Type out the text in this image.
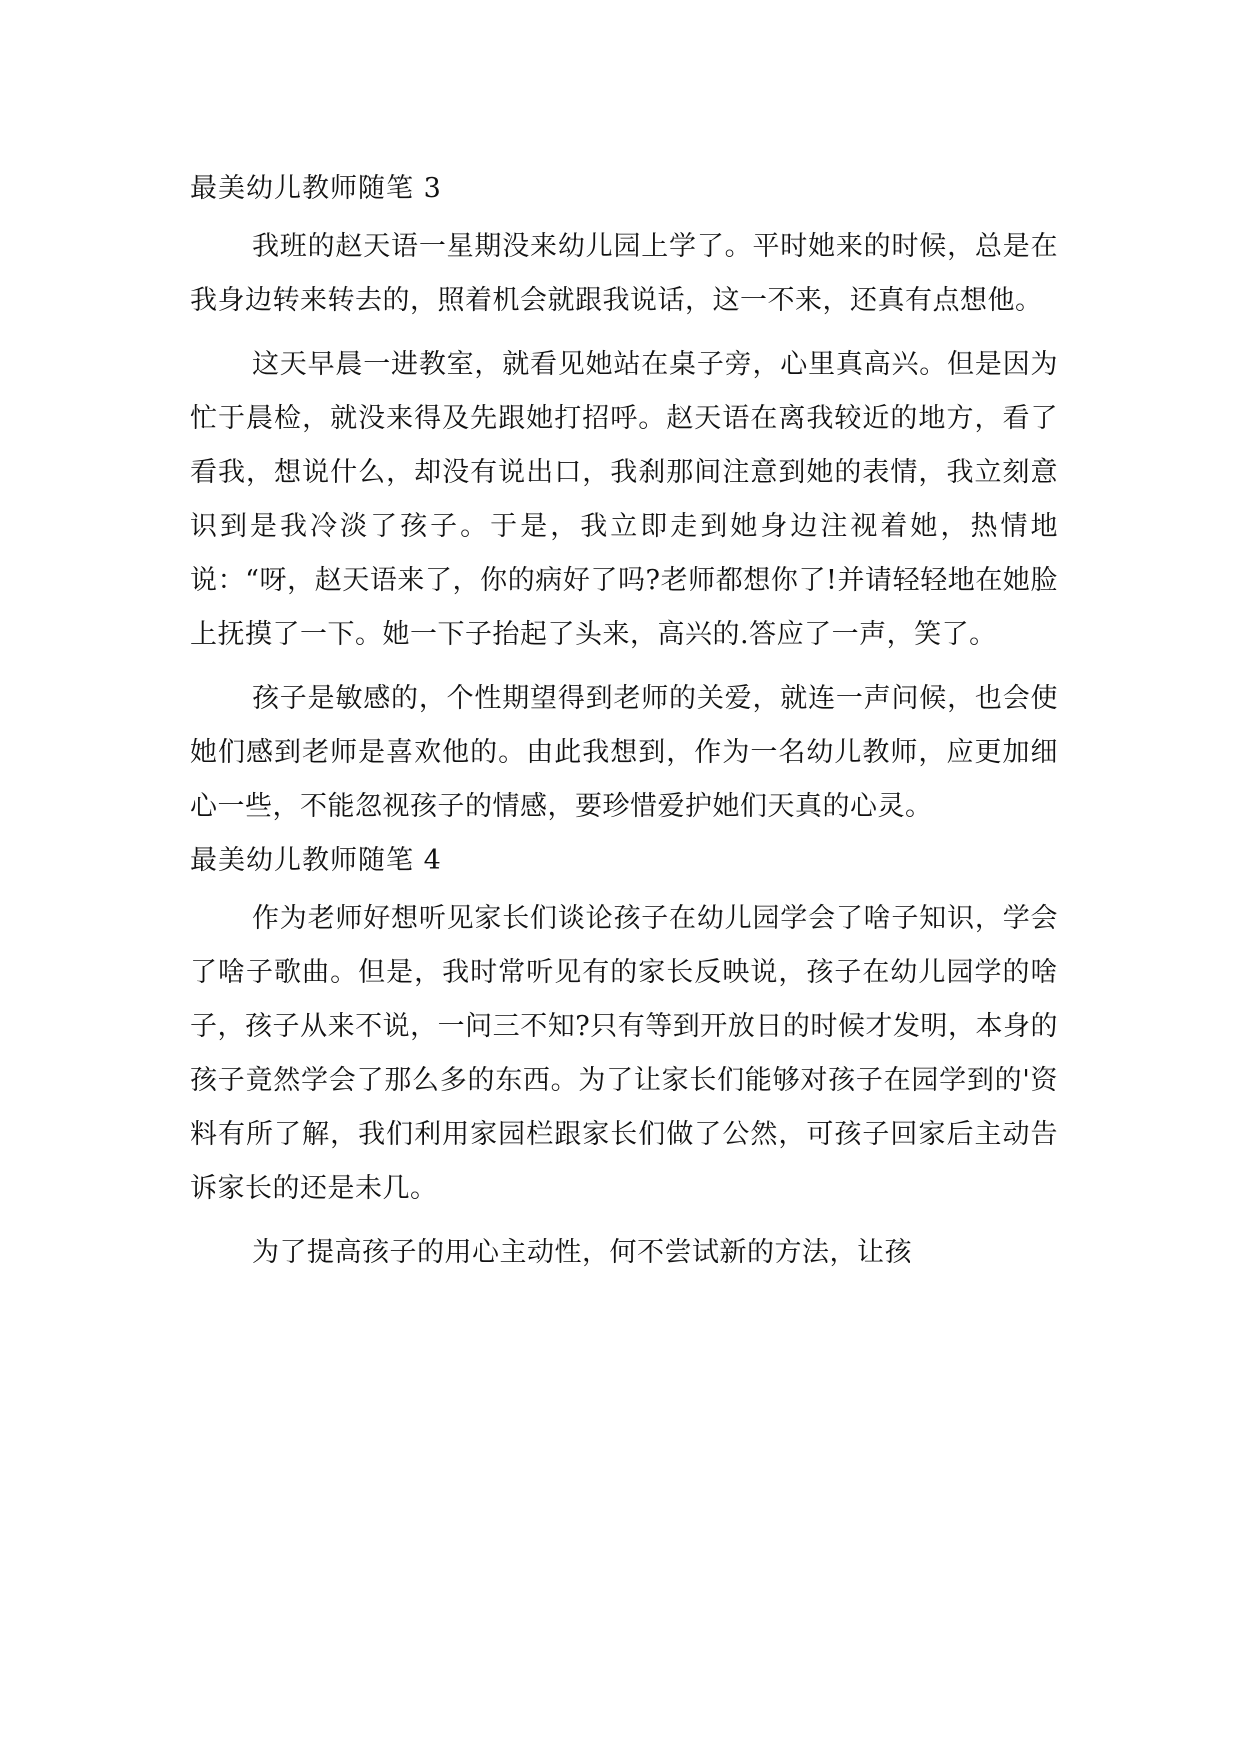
最美幼儿教师随笔 3

我班的赵天语一星期没来幼儿园上学了。平时她来的时候，总是在我身边转来转去的，照着机会就跟我说话，这一不来，还真有点想他。

这天早晨一进教室，就看见她站在桌子旁，心里真高兴。但是因为忙于晨检，就没来得及先跟她打招呼。赵天语在离我较近的地方，看了看我，想说什么，却没有说出口，我刹那间注意到她的表情，我立刻意识到是我冷淡了孩子。于是，我立即走到她身边注视着她，热情地说：“呀，赵天语来了，你的病好了吗?老师都想你了!并请轻轻地在她脸上抚摸了一下。她一下子抬起了头来，高兴的.答应了一声，笑了。

孩子是敏感的，个性期望得到老师的关爱，就连一声问候，也会使她们感到老师是喜欢他的。由此我想到，作为一名幼儿教师，应更加细心一些，不能忽视孩子的情感，要珍惜爱护她们天真的心灵。

最美幼儿教师随笔 4

作为老师好想听见家长们谈论孩子在幼儿园学会了啥子知识，学会了啥子歌曲。但是，我时常听见有的家长反映说，孩子在幼儿园学的啥子，孩子从来不说，一问三不知?只有等到开放日的时候才发明，本身的孩子竟然学会了那么多的东西。为了让家长们能够对孩子在园学到的'资料有所了解，我们利用家园栏跟家长们做了公然，可孩子回家后主动告诉家长的还是未几。

为了提高孩子的用心主动性，何不尝试新的方法，让孩
